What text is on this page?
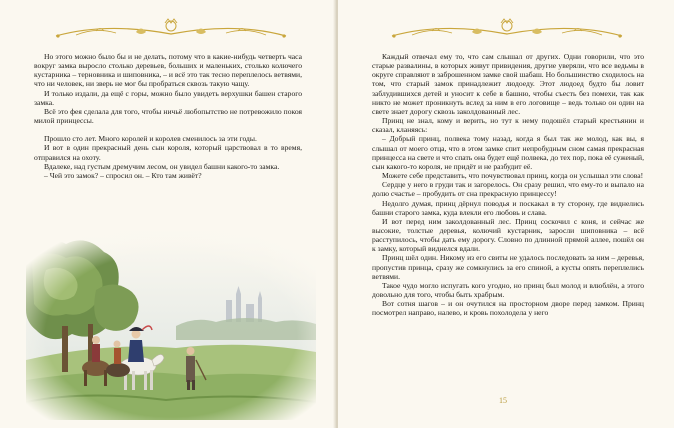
Но этого можно было бы и не делать, потому что в какие-нибудь четверть часа вокруг замка выросло столько деревьев, больших и маленьких, столько колючего кустарника – терновника и шиповника, – и всё это так тесно переплелось ветвями, что ни человек, ни зверь не мог бы пробраться сквозь такую чащу.

И только издали, да ещё с горы, можно было увидеть верхушки башен старого замка.

Всё это фея сделала для того, чтобы ничьё любопытство не потревожило покоя милой принцессы.

Прошло сто лет. Много королей и королев сменилось за эти годы.

И вот в один прекрасный день сын короля, который царствовал в то время, отправился на охоту.

Вдалеке, над густым дремучим лесом, он увидел башни какого-то замка.

– Чей это замок? – спросил он. – Кто там живёт?

Каждый отвечал ему то, что сам слышал от других. Одни говорили, что это старые развалины, в которых живут привидения, другие уверяли, что все ведьмы в округе справляют в заброшенном замке свой шабаш. Но большинство сходилось на том, что старый замок принадлежит людоеду. Этот людоед будто бы ловит заблудившихся детей и уносит к себе в башню, чтобы съесть без помехи, так как никто не может проникнуть вслед за ним в его логовище – ведь только он один на свете знает дорогу сквозь заколдованный лес.

Принц не знал, кому и верить, но тут к нему подошёл старый крестьянин и сказал, кланяясь:

– Добрый принц, полвека тому назад, когда я был так же молод, как вы, я слышал от моего отца, что в этом замке спит непробудным сном самая прекрасная принцесса на свете и что спать она будет ещё полвека, до тех пор, пока её суженый, сын какого-то короля, не придёт и не разбудит её.

Можете себе представить, что почувствовал принц, когда он услышал эти слова!

Сердце у него в груди так и загорелось. Он сразу решил, что ему-то и выпало на долю счастье – пробудить от сна прекрасную принцессу!

Недолго думая, принц дёрнул поводья и поскакал в ту сторону, где виднелись башни старого замка, куда влекли его любовь и слава.

И вот перед ним заколдованный лес. Принц соскочил с коня, и сейчас же высокие, толстые деревья, колючий кустарник, заросли шиповника – всё расступилось, чтобы дать ему дорогу. Словно по длинной прямой аллее, пошёл он к замку, который виднелся вдали.

Принц шёл один. Никому из его свиты не удалось последовать за ним – деревья, пропустив принца, сразу же сомкнулись за его спиной, а кусты опять переплелись ветвями.

Такое чудо могло испугать кого угодно, но принц был молод и влюблён, а этого довольно для того, чтобы быть храбрым.

Вот сотня шагов – и он очутился на просторном дворе перед замком. Принц посмотрел направо, налево, и кровь похолодела у него

15
